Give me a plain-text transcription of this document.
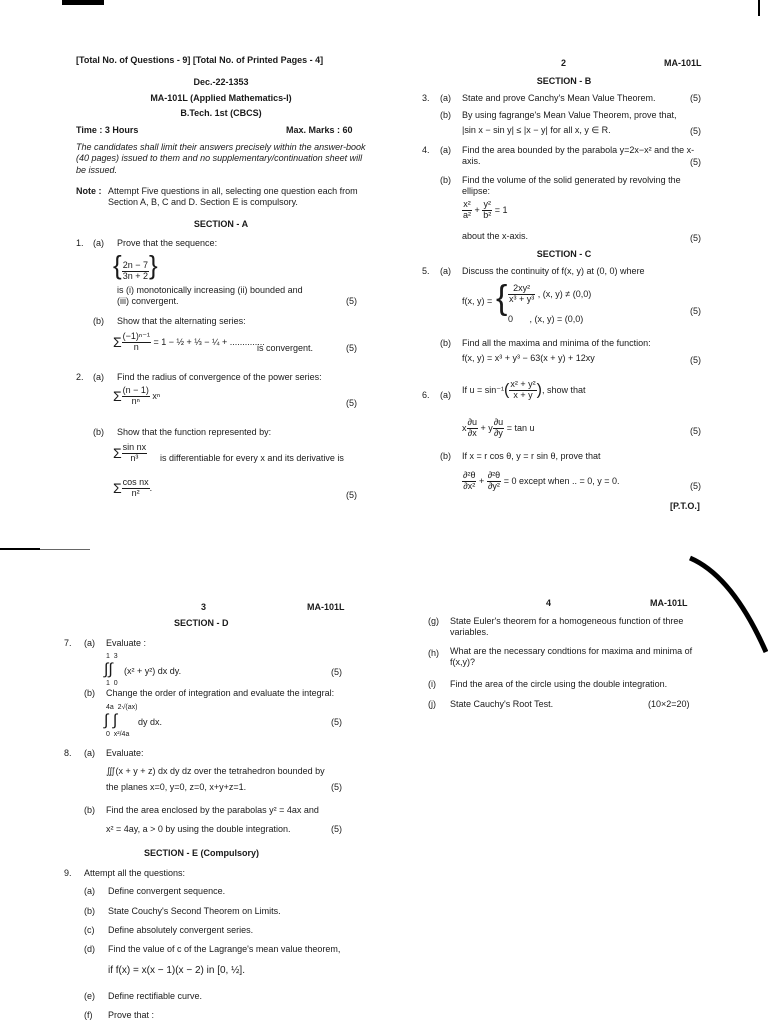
[Total No. of Questions - 9] [Total No. of Printed Pages - 4]
Dec.-22-1353
MA-101L (Applied Mathematics-I)
B.Tech. 1st (CBCS)
Time : 3 Hours	Max. Marks : 60
The candidates shall limit their answers precisely within the answer-book (40 pages) issued to them and no supplementary/continuation sheet will be issued.
Note : Attempt Five questions in all, selecting one question each from Section A, B, C and D. Section E is compulsory.
SECTION - A
1. (a) Prove that the sequence:
{ $\frac{2n - 7}{3n + 2}$ }
is (i) monotonically increasing (ii) bounded and
(iii) convergent.	(5)
(b) Show that the alternating series:
Σ $\frac{\text{(−1)ⁿ⁻¹}}{n} = 1$ − ½ + ⅓ − ¼ + ..............
is convergent.	(5)
2. (a) Find the radius of convergence of the power series:
Σ $\frac{(n - 1)}{\text{nⁿ}}$ xⁿ
(5)
(b) Show that the function represented by:
Σ $\frac{\text{sin nx}}{\text{n³}}$ is differentiable for every x and its derivative is
Σ $\frac{\text{cos nx}}{\text{n²}}$ .
(5)
2	MA-101L
SECTION - B
3. (a) State and prove Canchy's Mean Value Theorem.	(5)
(b) By using fagrange's Mean Value Theorem, prove that,
|sin x − sin y| ≤ |x − y| for all x, y ∈ R.	(5)
4. (a) Find the area bounded by the parabola y=2x−x² and the x-axis.	(5)
(b) Find the volume of the solid generated by revolving the ellipse:
$\frac{\text{x²}}{\text{a²}} + \frac{\text{y²}}{\text{b²}} = 1$
about the x-axis.	(5)
SECTION - C
5. (a) Discuss the continuity of f(x, y) at (0, 0) where
f(x, y) = { $\frac{\text{2xy²}}{\text{x³ + y³}}$ , (x, y) ≠ (0,0)
0 , (x, y) = (0,0)
(5)
(b) Find all the maxima and minima of the function:
f(x, y) = x³ + y³ − 63(x + y) + 12xy	(5)
6. (a)
If $u = \sin^{-1}( \frac{\text{x² + y²}}{x + y}$ ), show that
x $\frac{\partial u}{\partial x} + y \frac{\partial u}{\partial y} = \tan u$	(5)
(b) If x = r cos θ, y = r sin θ, prove that
$\frac{\text{∂²θ}}{\text{∂x²}} + \frac{\text{∂²θ}}{\text{∂y²}} = 0$ except when .. = 0, y = 0.
(5)
[P.T.O.]
3	MA-101L
SECTION - D
7. (a) Evaluate :
1  3
∫∫
1  0
(x² + y²) dx dy.	(5)
(b) Change the order of integration and evaluate the integral:
4a  2√(ax)
∫ ∫
0  x²/4a
dy dx.	(5)
8. (a) Evaluate:
∭(x + y + z) dx dy dz over the tetrahedron bounded by
the planes x=0, y=0, z=0, x+y+z=1.	(5)
(b) Find the area enclosed by the parabolas y² = 4ax and
x² = 4ay, a > 0 by using the double integration.	(5)
SECTION - E (Compulsory)
9. Attempt all the questions:
(a) Define convergent sequence.
(b) State Couchy's Second Theorem on Limits.
(c) Define absolutely convergent series.
(d) Find the value of c of the Lagrange's mean value theorem,
if f(x) = x(x − 1)(x − 2) in [0, ½].
(e) Define rectifiable curve.
(f) Prove that :
4	MA-101L
(g) State Euler's theorem for a homogeneous function of three variables.
(h) What are the necessary condtions for maxima and minima of f(x,y)?
(i) Find the area of the circle using the double integration.
(j) State Cauchy's Root Test.	(10×2=20)
